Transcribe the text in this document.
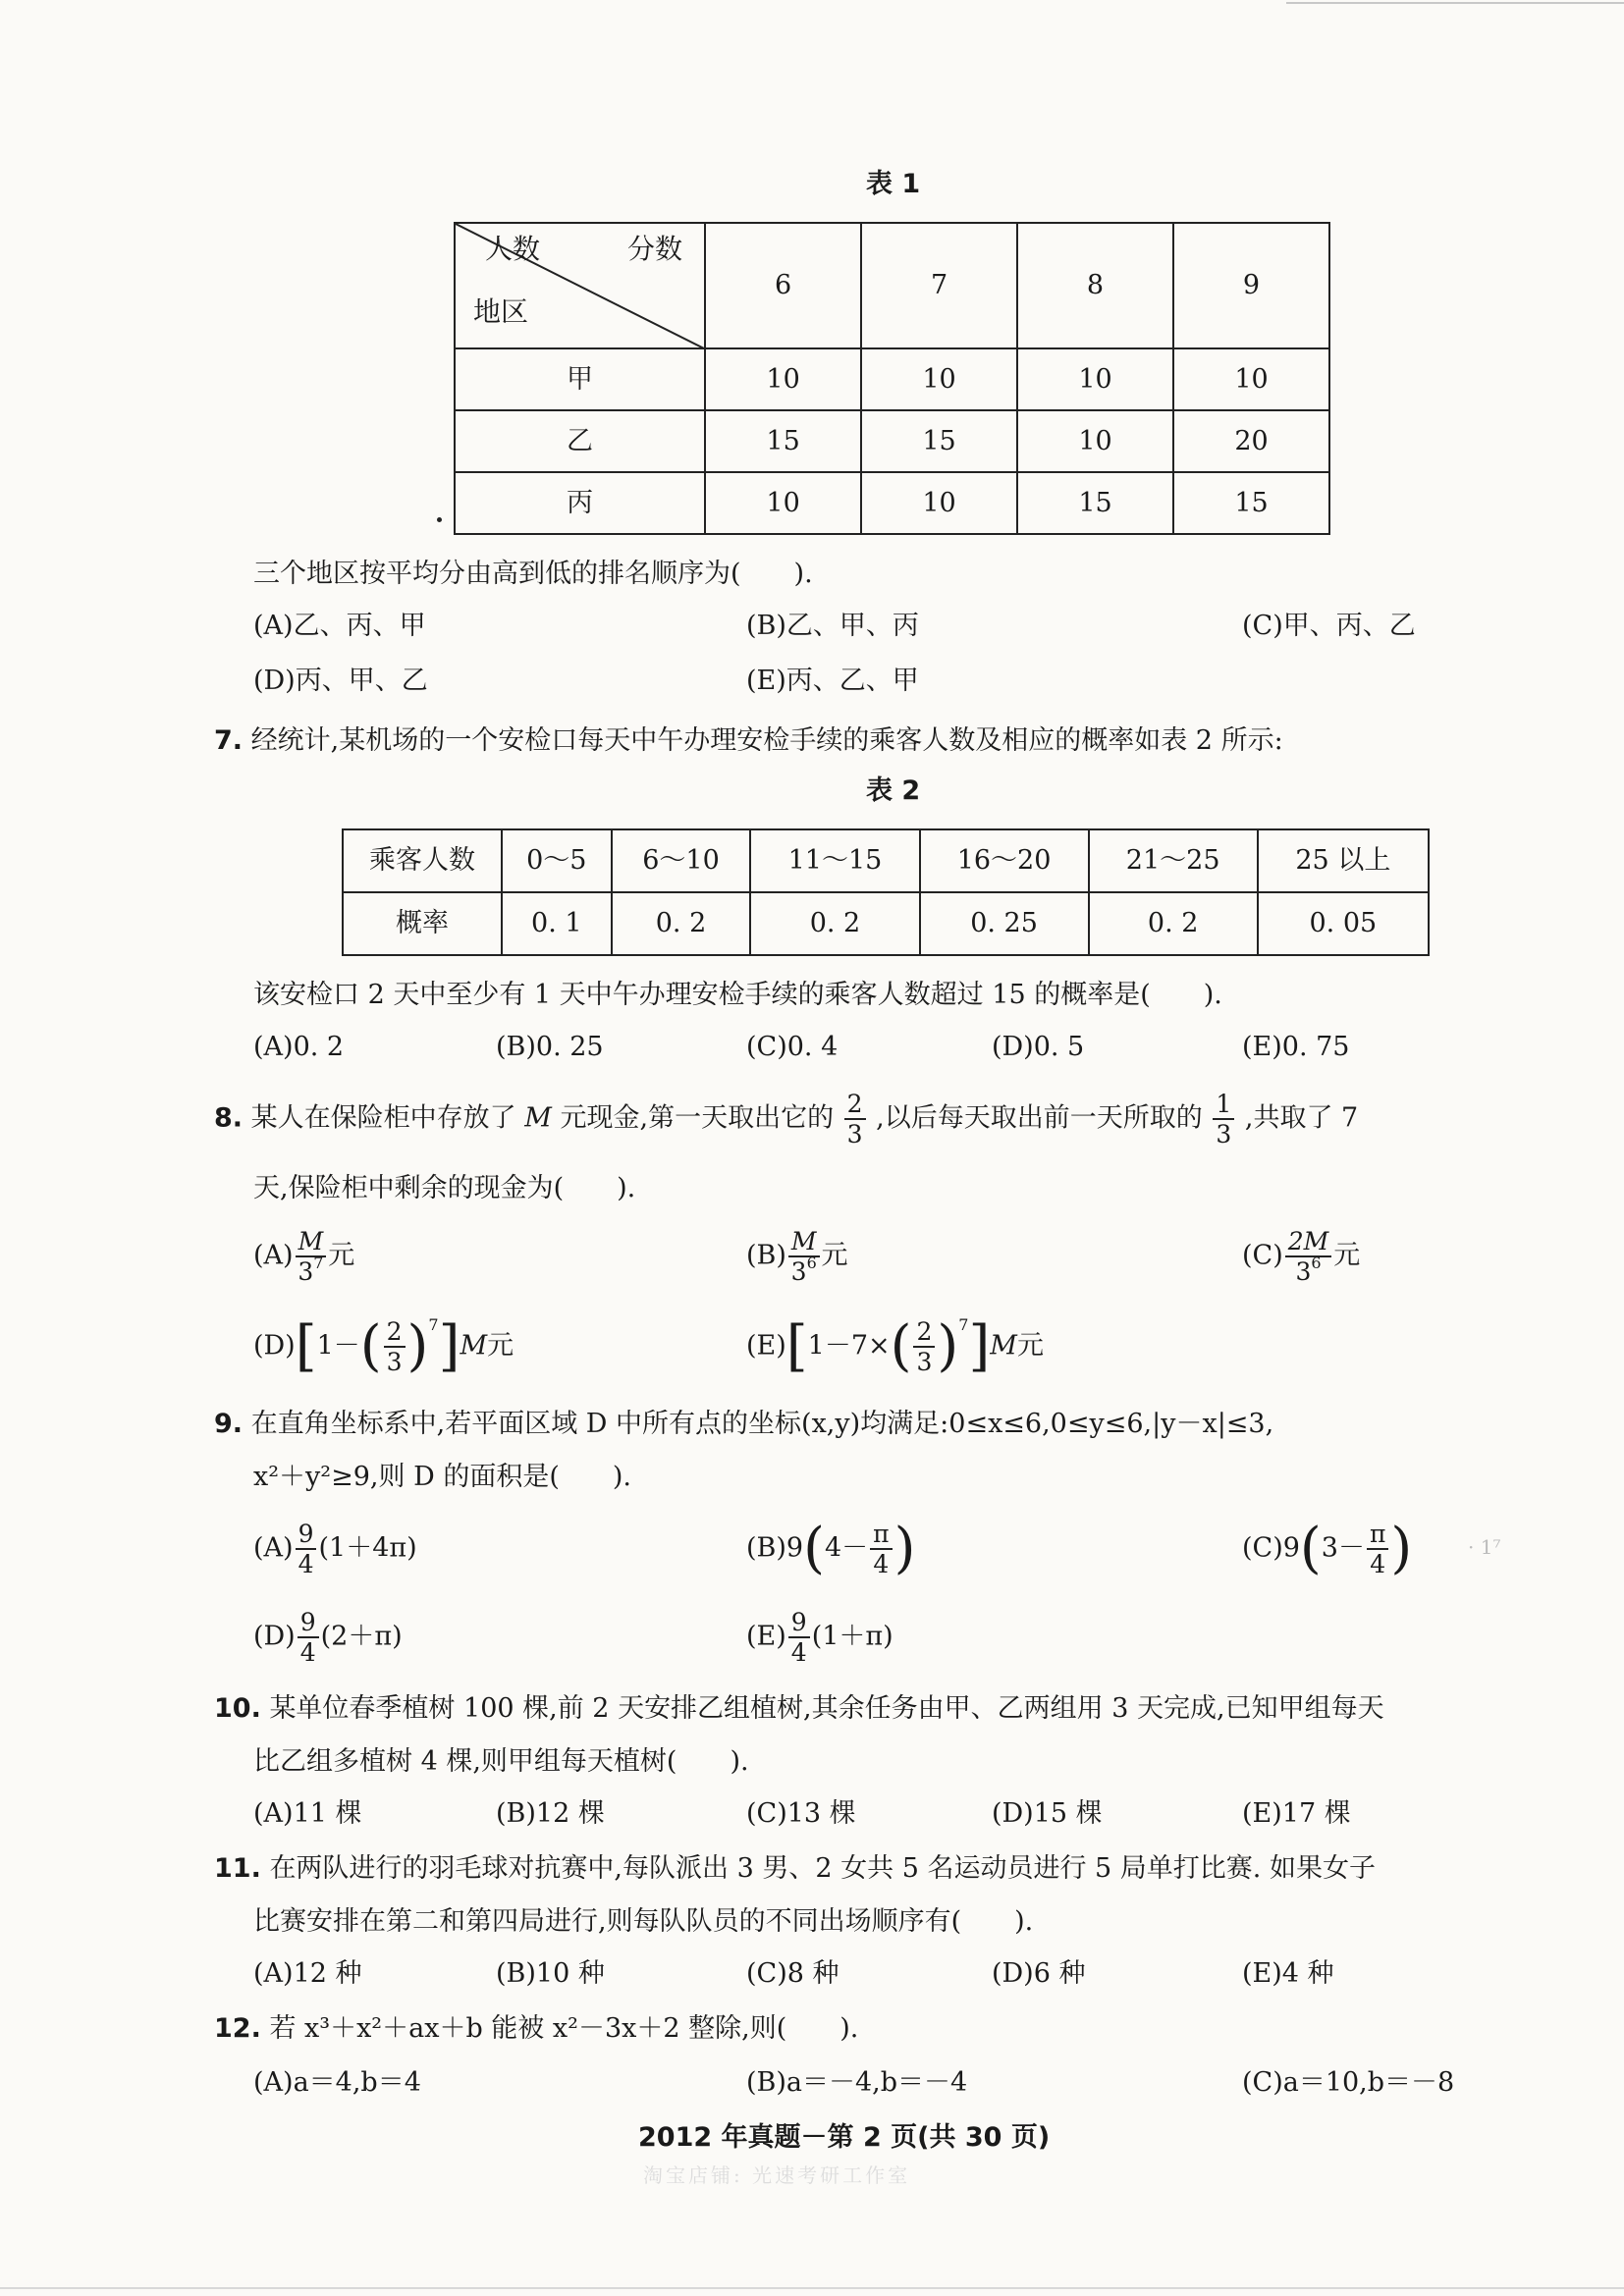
表 1
人数 分数
地区	6	7	8	9
甲	10	10	10	10
乙	15	15	10	20
丙	10	10	15	15
三个地区按平均分由高到低的排名顺序为(　　).
(A)乙、丙、甲	(B)乙、甲、丙	(C)甲、丙、乙
(D)丙、甲、乙	(E)丙、乙、甲
7. 经统计,某机场的一个安检口每天中午办理安检手续的乘客人数及相应的概率如表 2 所示:
表 2
乘客人数	0～5	6～10	11～15	16～20	21～25	25 以上
概率	0. 1	0. 2	0. 2	0. 25	0. 2	0. 05
该安检口 2 天中至少有 1 天中午办理安检手续的乘客人数超过 15 的概率是(　　).
(A)0. 2	(B)0. 25	(C)0. 4	(D)0. 5	(E)0. 75
8. 某人在保险柜中存放了 M 元现金,第一天取出它的 $\frac{2}{3}$ ,以后每天取出前一天所取的 $\frac{1}{3}$ ,共取了 7
天,保险柜中剩余的现金为(　　).
$(A) \frac{M}{3^7}$ 元	$(B) \frac{M}{3^6}$ 元	$(C) \frac{2M}{3^6}$ 元
$(D)[1-( \frac{2}{3} )^7]M$元	$(E)[1-7\times( \frac{2}{3} )^7]M$元
9. 在直角坐标系中,若平面区域 D 中所有点的坐标(x,y)均满足:0≤x≤6,0≤y≤6,|y－x|≤3,
x²＋y²≥9,则 D 的面积是(　　).
$(A) \frac{9}{4} (1+4\pi)$	$(B)9(4- \frac{\pi}{4}$ )	$(C)9(3- \frac{\pi}{4}$ )	· 1⁷
$(D) \frac{9}{4} (2+\pi)$	$(E) \frac{9}{4} (1+\pi)$
10. 某单位春季植树 100 棵,前 2 天安排乙组植树,其余任务由甲、乙两组用 3 天完成,已知甲组每天
比乙组多植树 4 棵,则甲组每天植树(　　).
(A)11 棵	(B)12 棵	(C)13 棵	(D)15 棵	(E)17 棵
11. 在两队进行的羽毛球对抗赛中,每队派出 3 男、2 女共 5 名运动员进行 5 局单打比赛. 如果女子
比赛安排在第二和第四局进行,则每队队员的不同出场顺序有(　　).
(A)12 种	(B)10 种	(C)8 种	(D)6 种	(E)4 种
12. 若 x³＋x²＋ax＋b 能被 x²－3x＋2 整除,则(　　).
(A)a＝4,b＝4	(B)a＝－4,b＝－4	(C)a＝10,b＝－8
2012 年真题－第 2 页(共 30 页)
淘宝店铺: 光速考研工作室
